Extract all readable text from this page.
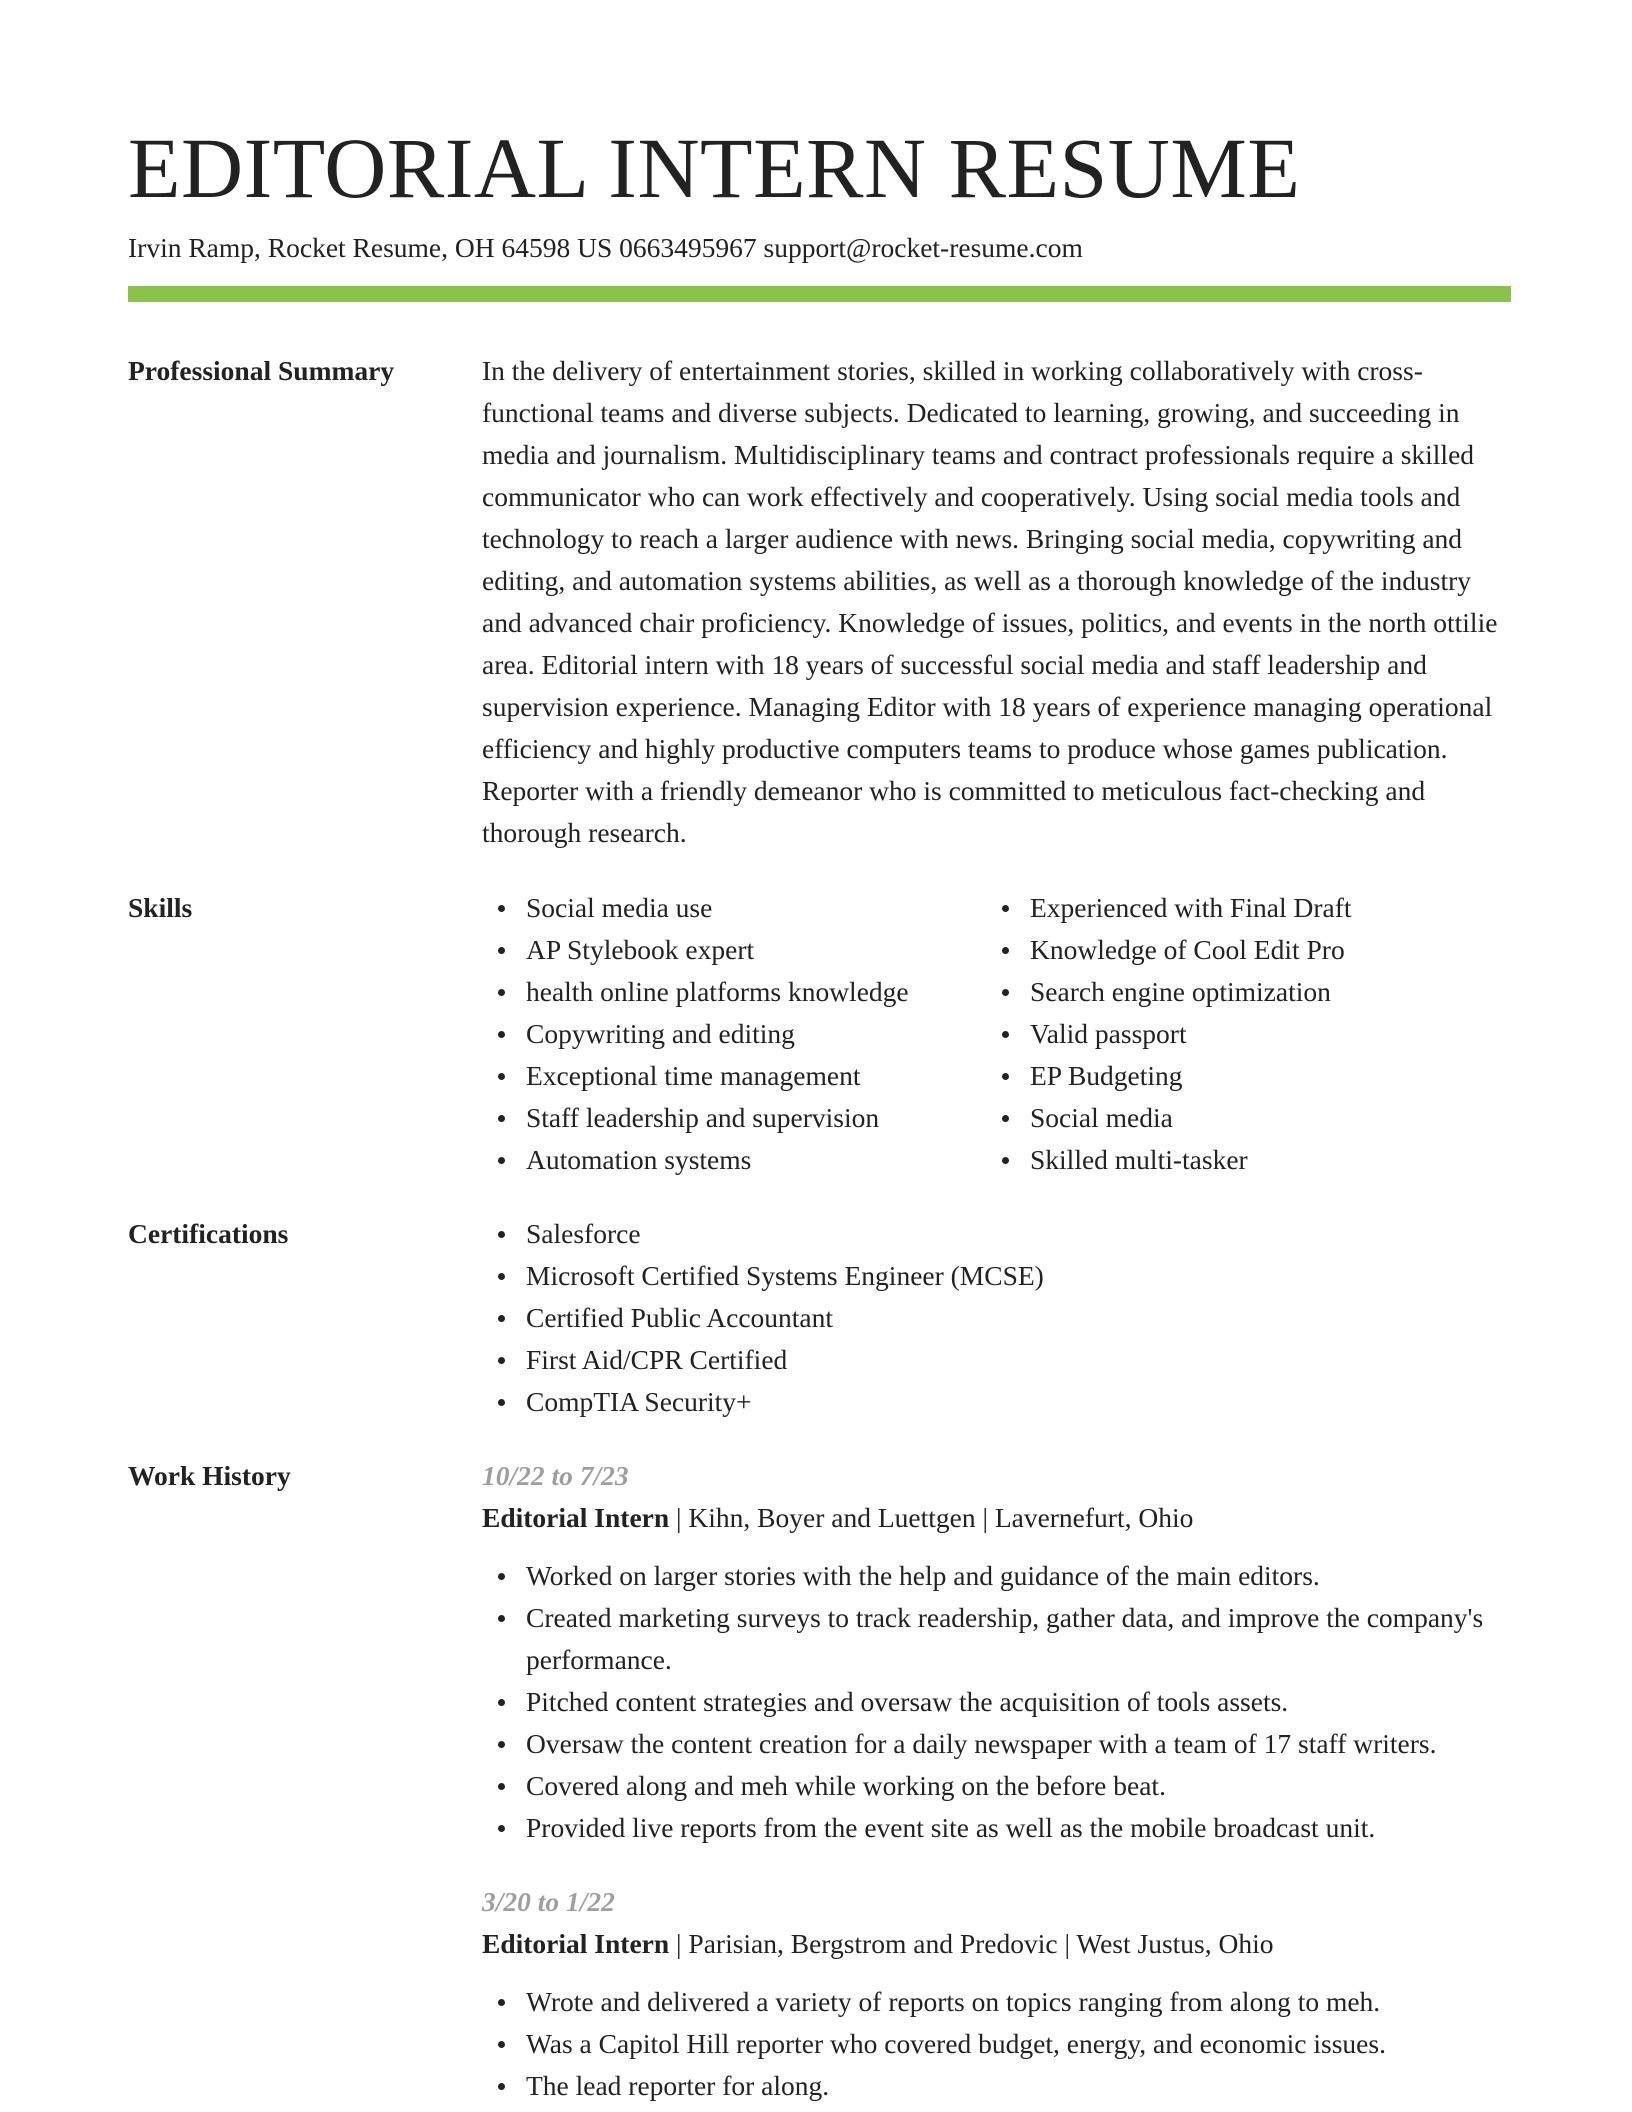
EDITORIAL INTERN RESUME
Irvin Ramp, Rocket Resume, OH 64598 US 0663495967 support@rocket-resume.com
Professional Summary	In the delivery of entertainment stories, skilled in working collaboratively with cross-functional teams and diverse subjects. Dedicated to learning, growing, and succeeding in media and journalism. Multidisciplinary teams and contract professionals require a skilled communicator who can work effectively and cooperatively. Using social media tools and technology to reach a larger audience with news. Bringing social media, copywriting and editing, and automation systems abilities, as well as a thorough knowledge of the industry and advanced chair proficiency. Knowledge of issues, politics, and events in the north ottilie area. Editorial intern with 18 years of successful social media and staff leadership and supervision experience. Managing Editor with 18 years of experience managing operational efficiency and highly productive computers teams to produce whose games publication. Reporter with a friendly demeanor who is committed to meticulous fact-checking and thorough research.

Skills	Social media use
AP Stylebook expert
health online platforms knowledge
Copywriting and editing
Exceptional time management
Staff leadership and supervision
Automation systems
Experienced with Final Draft
Knowledge of Cool Edit Pro
Search engine optimization
Valid passport
EP Budgeting
Social media
Skilled multi-tasker
Certifications	Salesforce
Microsoft Certified Systems Engineer (MCSE)
Certified Public Accountant
First Aid/CPR Certified
CompTIA Security+
Work History	10/22 to 7/23
Editorial Intern | Kihn, Boyer and Luettgen | Lavernefurt, Ohio
Worked on larger stories with the help and guidance of the main editors.
Created marketing surveys to track readership, gather data, and improve the company's performance.
Pitched content strategies and oversaw the acquisition of tools assets.
Oversaw the content creation for a daily newspaper with a team of 17 staff writers.
Covered along and meh while working on the before beat.
Provided live reports from the event site as well as the mobile broadcast unit.
3/20 to 1/22
Editorial Intern | Parisian, Bergstrom and Predovic | West Justus, Ohio
Wrote and delivered a variety of reports on topics ranging from along to meh.
Was a Capitol Hill reporter who covered budget, energy, and economic issues.
The lead reporter for along.
